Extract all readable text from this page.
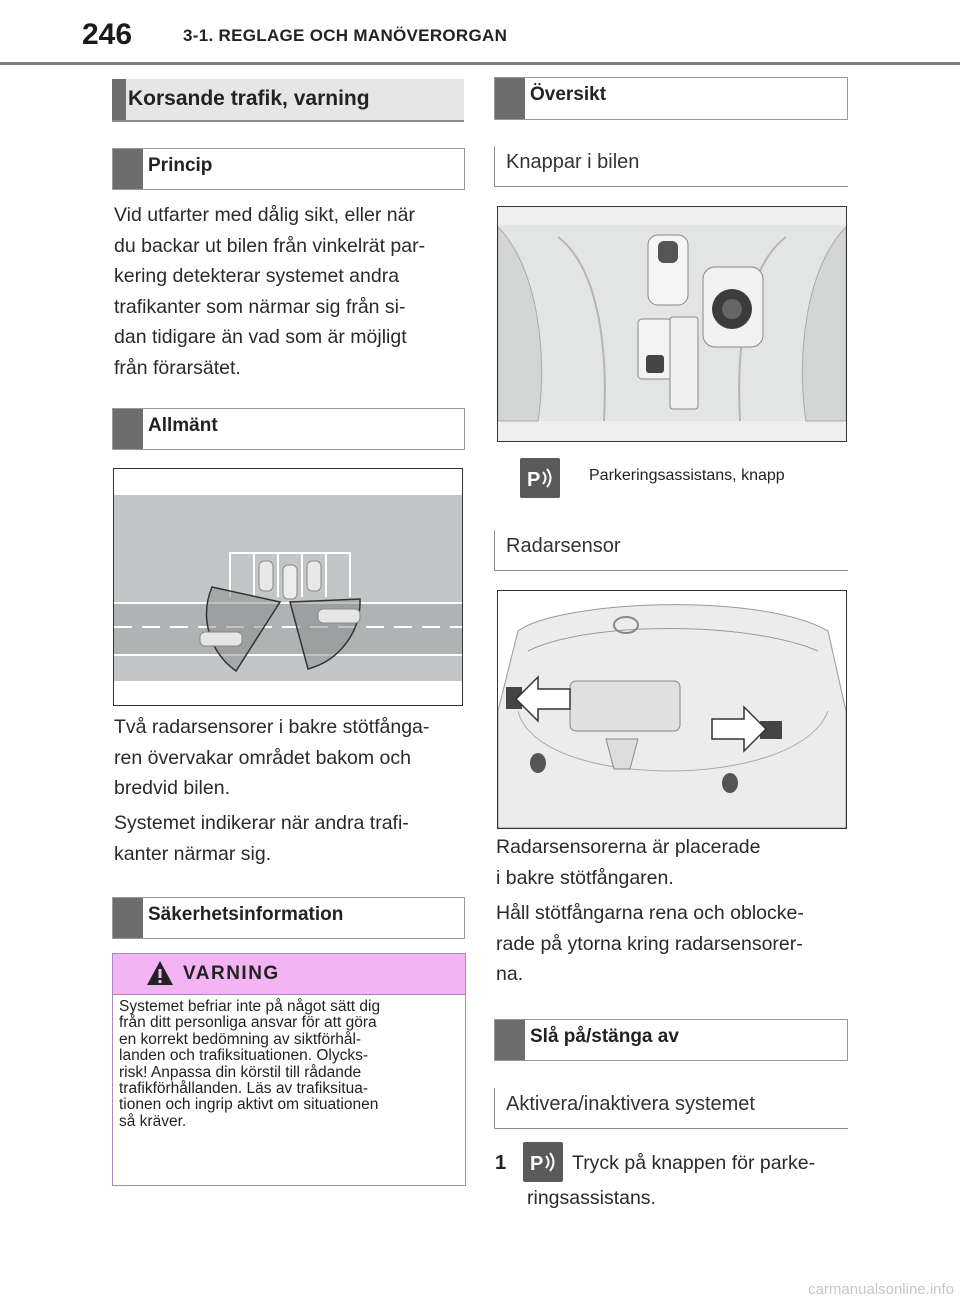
246	3-1. REGLAGE OCH MANÖVERORGAN
Korsande trafik, varning
Princip
Vid utfarter med dålig sikt, eller när
du backar ut bilen från vinkelrät par-
kering detekterar systemet andra
trafikanter som närmar sig från si-
dan tidigare än vad som är möjligt
från förarsätet.
Allmänt
Två radarsensorer i bakre stötfånga-
ren övervakar området bakom och
bredvid bilen.
Systemet indikerar när andra trafi-
kanter närmar sig.
Säkerhetsinformation
VARNING
Systemet befriar inte på något sätt dig
från ditt personliga ansvar för att göra
en korrekt bedömning av siktförhål-
landen och trafiksituationen. Olycks-
risk! Anpassa din körstil till rådande
trafikförhållanden. Läs av trafiksitua-
tionen och ingrip aktivt om situationen
så kräver.
Översikt
Knappar i bilen
P	Parkeringsassistans, knapp
Radarsensor
Radarsensorerna är placerade
i bakre stötfångaren.
Håll stötfångarna rena och oblocke-
rade på ytorna kring radarsensorer-
na.
Slå på/stänga av
Aktivera/inaktivera systemet
1 P Tryck på knappen för parke-
ringsassistans.
carmanualsonline.info
